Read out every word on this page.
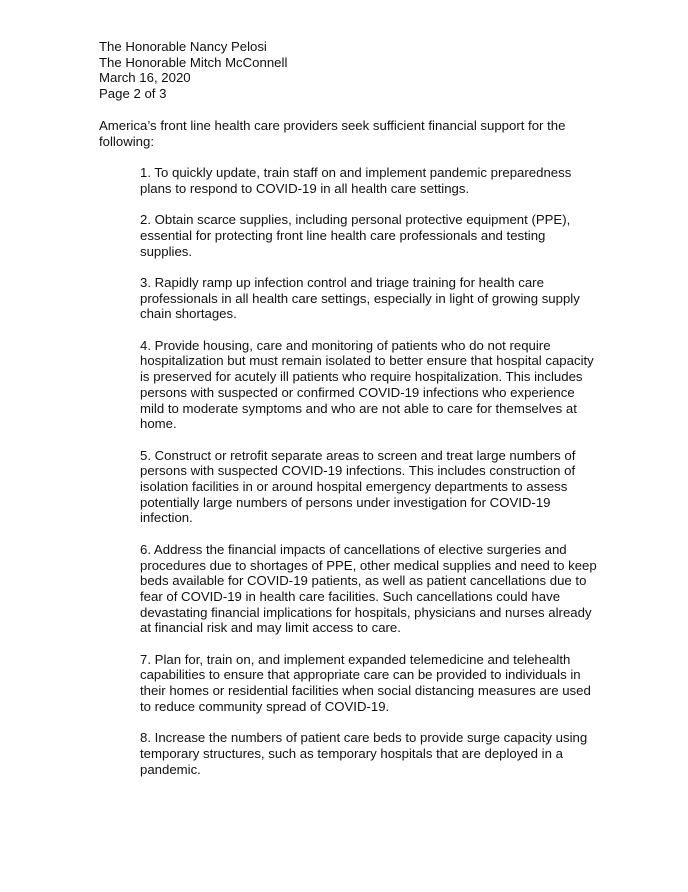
The Honorable Nancy Pelosi
The Honorable Mitch McConnell
March 16, 2020
Page 2 of 3

America’s front line health care providers seek sufficient financial support for the following:

1. To quickly update, train staff on and implement pandemic preparedness plans to respond to COVID-19 in all health care settings.
2. Obtain scarce supplies, including personal protective equipment (PPE), essential for protecting front line health care professionals and testing supplies.
3. Rapidly ramp up infection control and triage training for health care professionals in all health care settings, especially in light of growing supply chain shortages.
4. Provide housing, care and monitoring of patients who do not require hospitalization but must remain isolated to better ensure that hospital capacity is preserved for acutely ill patients who require hospitalization. This includes persons with suspected or confirmed COVID-19 infections who experience mild to moderate symptoms and who are not able to care for themselves at home.
5. Construct or retrofit separate areas to screen and treat large numbers of persons with suspected COVID-19 infections. This includes construction of isolation facilities in or around hospital emergency departments to assess potentially large numbers of persons under investigation for COVID-19 infection.
6. Address the financial impacts of cancellations of elective surgeries and procedures due to shortages of PPE, other medical supplies and need to keep beds available for COVID-19 patients, as well as patient cancellations due to fear of COVID-19 in health care facilities. Such cancellations could have devastating financial implications for hospitals, physicians and nurses already at financial risk and may limit access to care.
7. Plan for, train on, and implement expanded telemedicine and telehealth capabilities to ensure that appropriate care can be provided to individuals in their homes or residential facilities when social distancing measures are used to reduce community spread of COVID-19.
8. Increase the numbers of patient care beds to provide surge capacity using temporary structures, such as temporary hospitals that are deployed in a pandemic.
